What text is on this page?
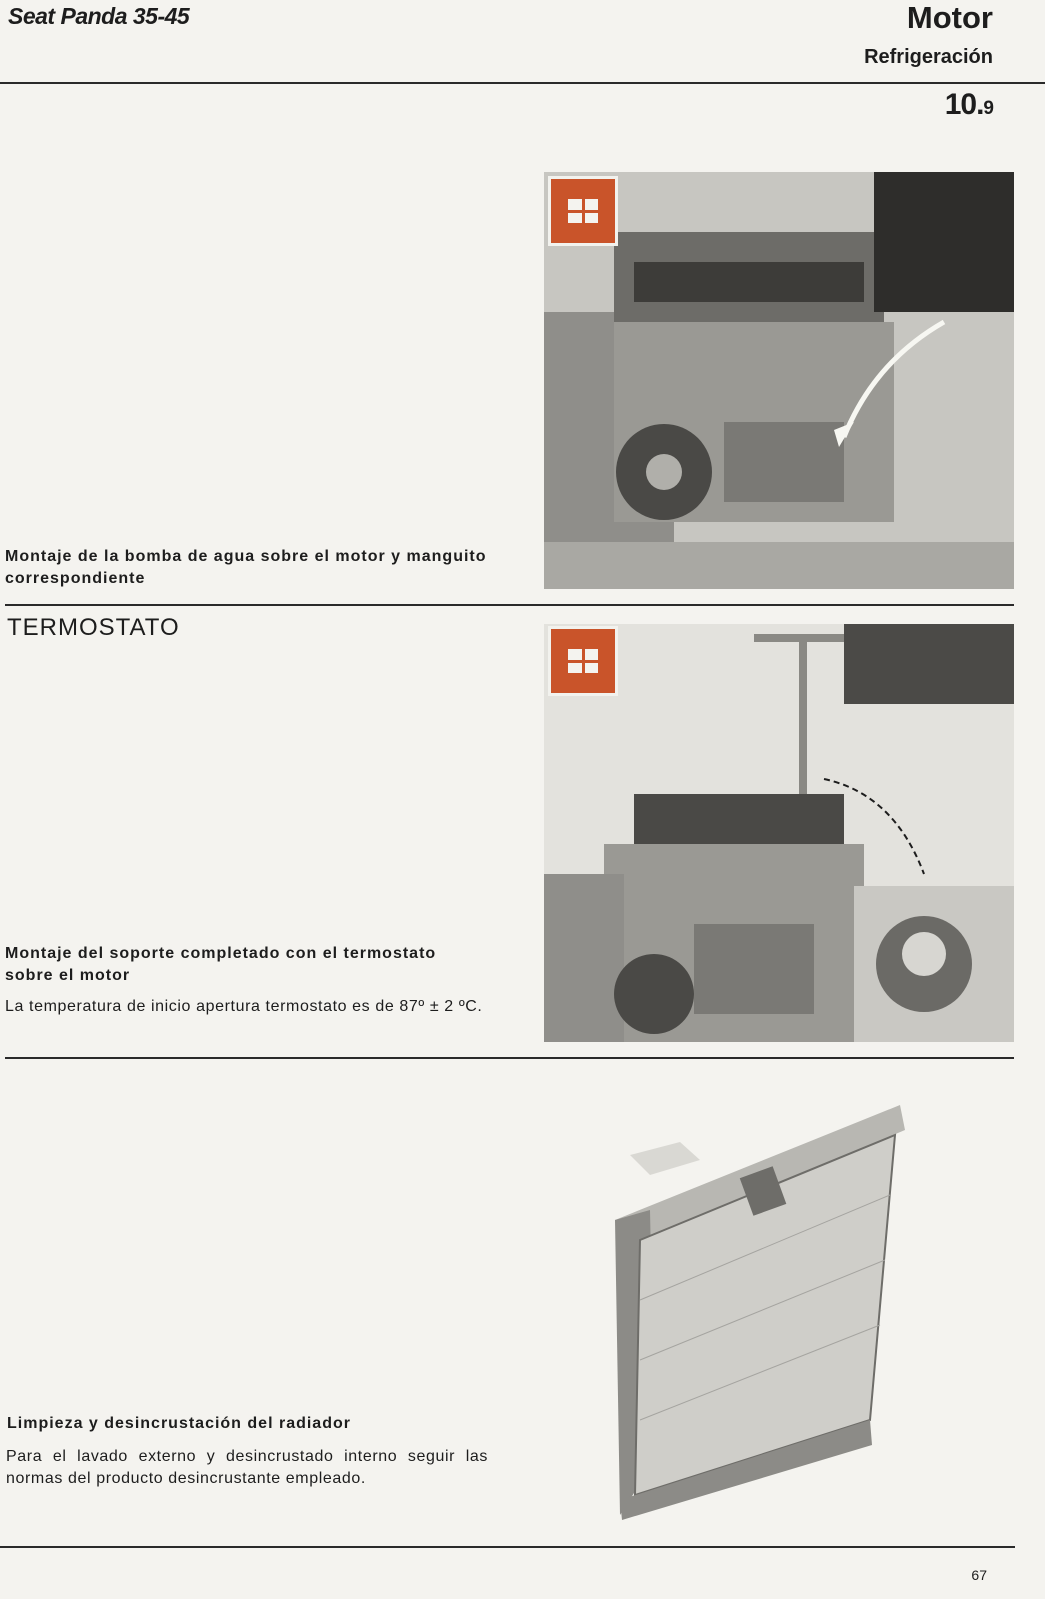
Seat Panda 35-45	Motor
Refrigeración
10.9
Montaje de la bomba de agua sobre el motor y manguito correspondiente
TERMOSTATO
Montaje del soporte completado con el termostato sobre el motor
La temperatura de inicio apertura termostato es de 87º ± 2 ºC.
Limpieza y desincrustación del radiador
Para el lavado externo y desincrustado interno seguir las normas del producto desincrustante empleado.
67
